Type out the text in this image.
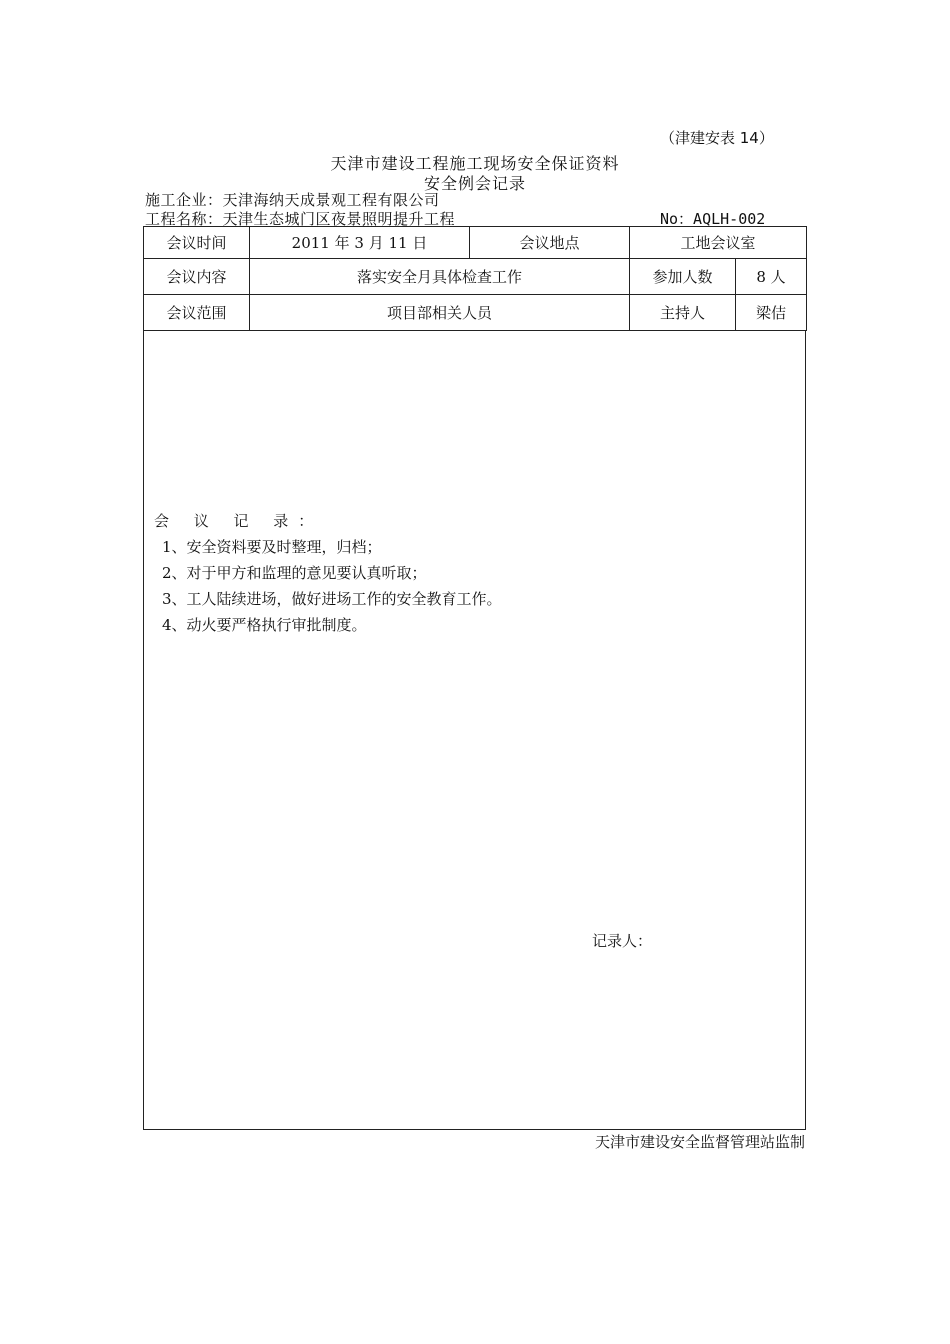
（津建安表 14）
天津市建设工程施工现场安全保证资料
安全例会记录
施工企业：天津海纳天成景观工程有限公司
工程名称：天津生态城门区夜景照明提升工程	No：AQLH-002
会议时间	2011 年 3 月 11 日	会议地点	工地会议室	
会议内容	落实安全月具体检查工作		参加人数	8 人
会议范围	项目部相关人员		主持人	梁佶
会 议 记 录：
1、安全资料要及时整理，归档；
2、对于甲方和监理的意见要认真听取；
3、工人陆续进场，做好进场工作的安全教育工作。
4、动火要严格执行审批制度。
记录人：
天津市建设安全监督管理站监制
